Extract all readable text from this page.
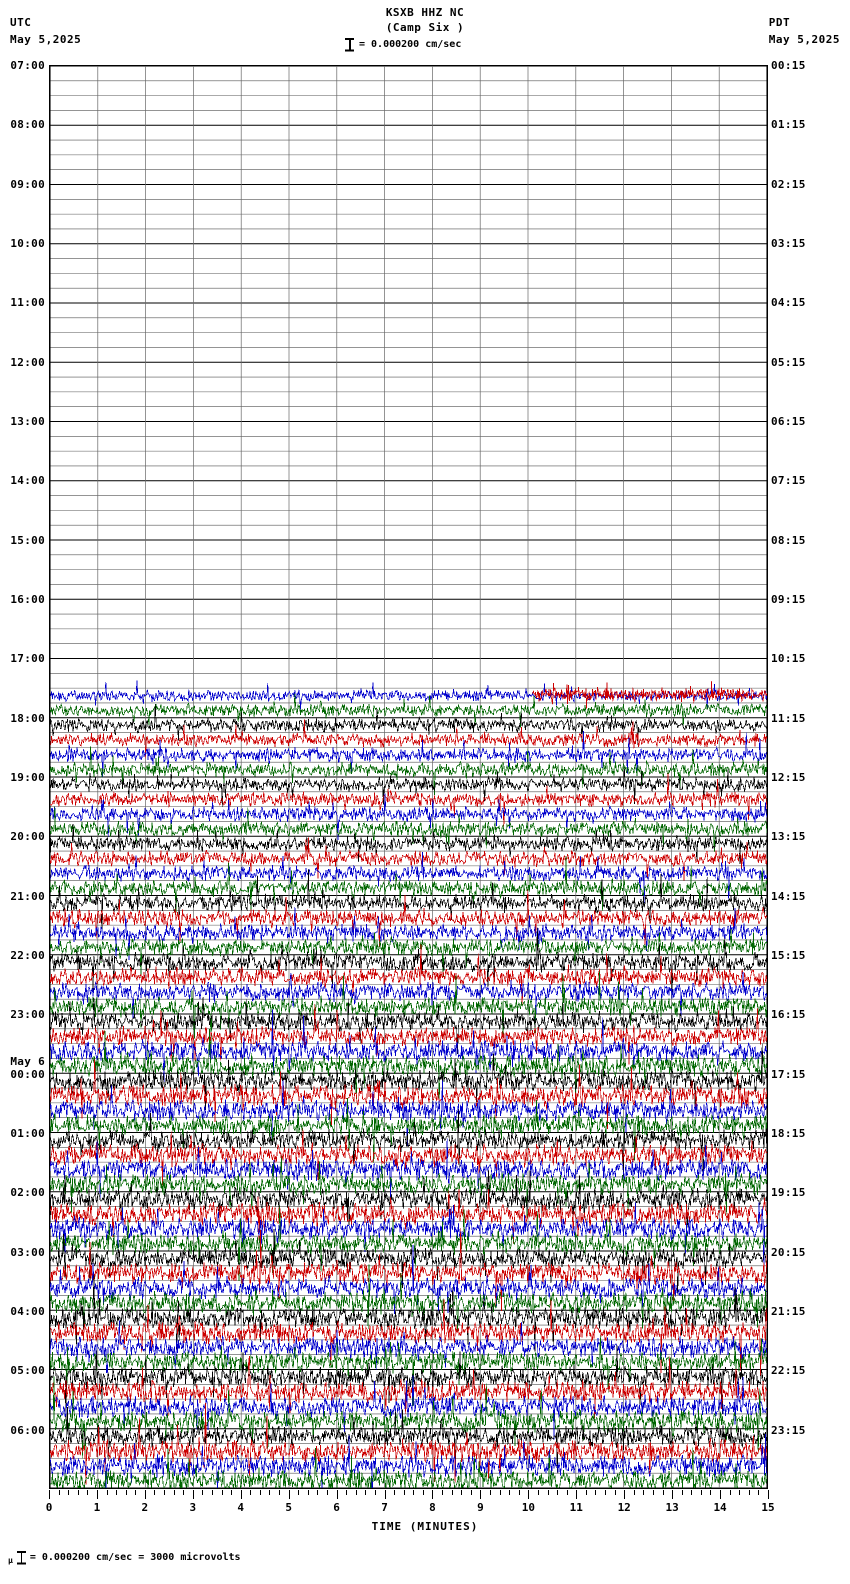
UTC
May 5,2025
KSXB HHZ NC
(Camp Six )
= 0.000200 cm/sec
PDT
May 5,2025
07:00
08:00
09:00
10:00
11:00
12:00
13:00
14:00
15:00
16:00
17:00
18:00
19:00
20:00
21:00
22:00
23:00
00:00
01:00
02:00
03:00
04:00
05:00
06:00
00:15
01:15
02:15
03:15
04:15
05:15
06:15
07:15
08:15
09:15
10:15
11:15
12:15
13:15
14:15
15:15
16:15
17:15
18:15
19:15
20:15
21:15
22:15
23:15
May 6
0	1	2	3	4	5	6	7	8	9	10	11	12	13	14	15
TIME (MINUTES)
μ = 0.000200 cm/sec = 3000 microvolts
